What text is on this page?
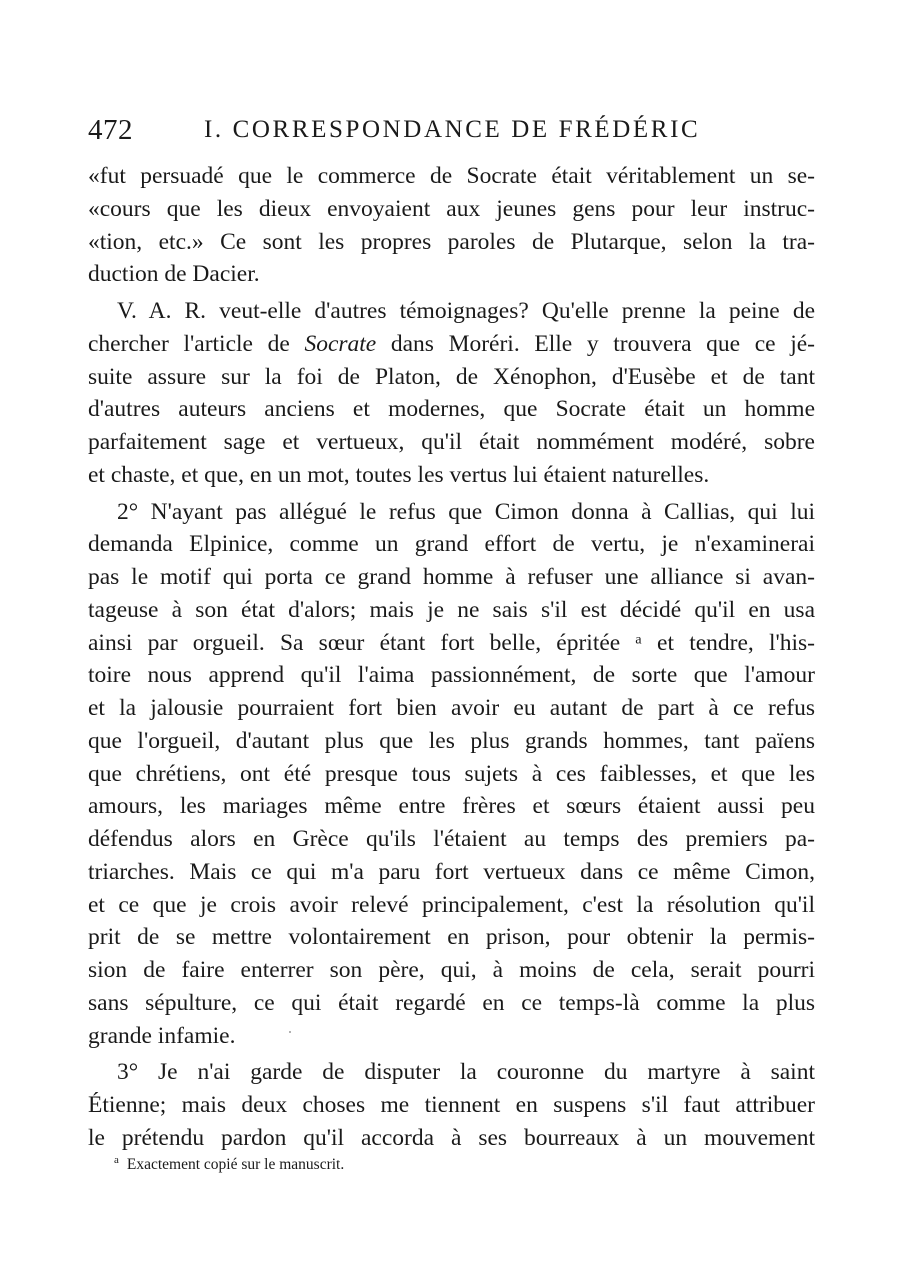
472	I. CORRESPONDANCE DE FRÉDÉRIC
«fut persuadé que le commerce de Socrate était véritablement un se-
«cours que les dieux envoyaient aux jeunes gens pour leur instruc-
«tion, etc.» Ce sont les propres paroles de Plutarque, selon la tra-
duction de Dacier.
V. A. R. veut-elle d'autres témoignages? Qu'elle prenne la peine de
chercher l'article de Socrate dans Moréri. Elle y trouvera que ce jé-
suite assure sur la foi de Platon, de Xénophon, d'Eusèbe et de tant
d'autres auteurs anciens et modernes, que Socrate était un homme
parfaitement sage et vertueux, qu'il était nommément modéré, sobre
et chaste, et que, en un mot, toutes les vertus lui étaient naturelles.
2° N'ayant pas allégué le refus que Cimon donna à Callias, qui lui
demanda Elpinice, comme un grand effort de vertu, je n'examinerai
pas le motif qui porta ce grand homme à refuser une alliance si avan-
tageuse à son état d'alors; mais je ne sais s'il est décidé qu'il en usa
ainsi par orgueil. Sa sœur étant fort belle, épritée ᵃ et tendre, l'his-
toire nous apprend qu'il l'aima passionnément, de sorte que l'amour
et la jalousie pourraient fort bien avoir eu autant de part à ce refus
que l'orgueil, d'autant plus que les plus grands hommes, tant païens
que chrétiens, ont été presque tous sujets à ces faiblesses, et que les
amours, les mariages même entre frères et sœurs étaient aussi peu
défendus alors en Grèce qu'ils l'étaient au temps des premiers pa-
triarches. Mais ce qui m'a paru fort vertueux dans ce même Cimon,
et ce que je crois avoir relevé principalement, c'est la résolution qu'il
prit de se mettre volontairement en prison, pour obtenir la permis-
sion de faire enterrer son père, qui, à moins de cela, serait pourri
sans sépulture, ce qui était regardé en ce temps-là comme la plus
grande infamie.
3° Je n'ai garde de disputer la couronne du martyre à saint
Étienne; mais deux choses me tiennent en suspens s'il faut attribuer
le prétendu pardon qu'il accorda à ses bourreaux à un mouvement
$^a$ Exactement copié sur le manuscrit.
